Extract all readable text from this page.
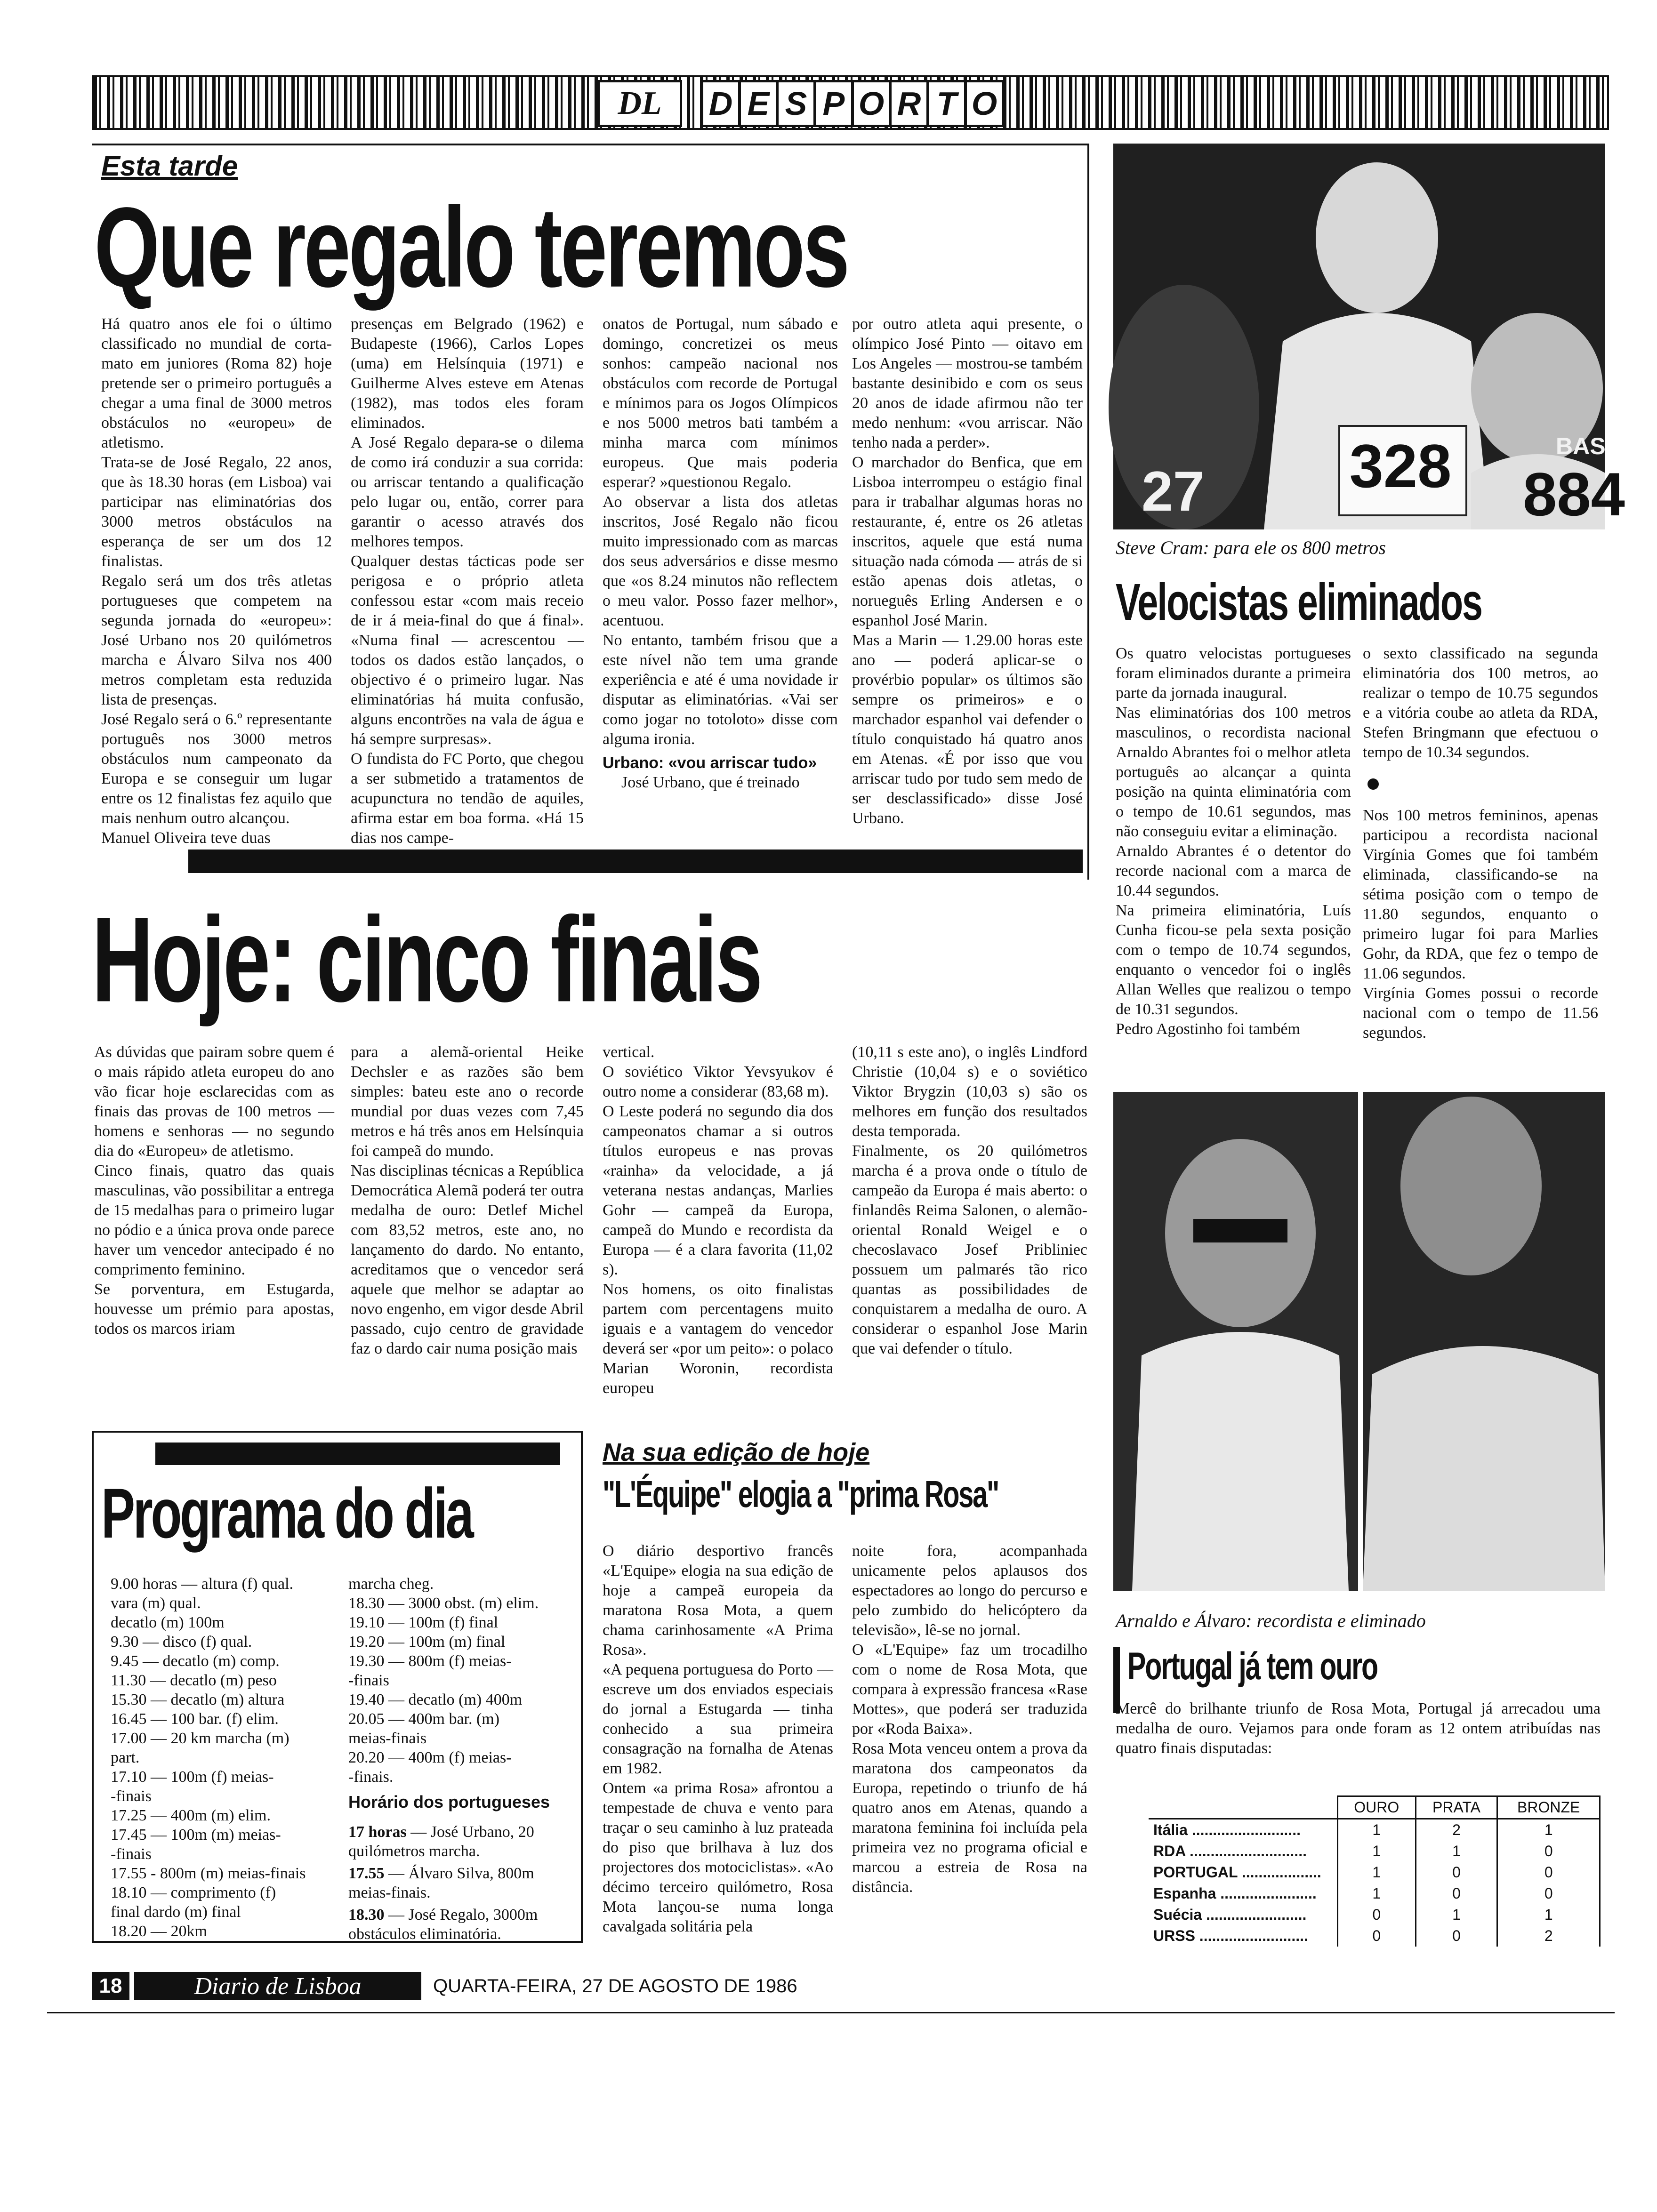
DL	D E S P O R T O
Esta tarde
Que regalo teremos
Há quatro anos ele foi o último classificado no mundial de corta-mato em juniores (Roma 82) hoje pretende ser o primeiro português a chegar a uma final de 3000 metros obstáculos no «europeu» de atletismo.
Trata-se de José Regalo, 22 anos, que às 18.30 horas (em Lisboa) vai participar nas eliminatórias dos 3000 metros obstáculos na esperança de ser um dos 12 finalistas.
Regalo será um dos três atletas portugueses que competem na segunda jornada do «europeu»: José Urbano nos 20 quilómetros marcha e Álvaro Silva nos 400 metros completam esta reduzida lista de presenças.
José Regalo será o 6.º representante português nos 3000 metros obstáculos num campeonato da Europa e se conseguir um lugar entre os 12 finalistas fez aquilo que mais nenhum outro alcançou.
Manuel Oliveira teve duas
presenças em Belgrado (1962) e Budapeste (1966), Carlos Lopes (uma) em Helsínquia (1971) e Guilherme Alves esteve em Atenas (1982), mas todos eles foram eliminados.
A José Regalo depara-se o dilema de como irá conduzir a sua corrida: ou arriscar tentando a qualificação pelo lugar ou, então, correr para garantir o acesso através dos melhores tempos.
Qualquer destas tácticas pode ser perigosa e o próprio atleta confessou estar «com mais receio de ir á meia-final do que á final». «Numa final — acrescentou — todos os dados estão lançados, o objectivo é o primeiro lugar. Nas eliminatórias há muita confusão, alguns encontrões na vala de água e há sempre surpresas».
O fundista do FC Porto, que chegou a ser submetido a tratamentos de acupunctura no tendão de aquiles, afirma estar em boa forma. «Há 15 dias nos campe-
onatos de Portugal, num sábado e domingo, concretizei os meus sonhos: campeão nacional nos obstáculos com recorde de Portugal e mínimos para os Jogos Olímpicos e nos 5000 metros bati também a minha marca com mínimos europeus. Que mais poderia esperar? »questionou Regalo.
Ao observar a lista dos atletas inscritos, José Regalo não ficou muito impressionado com as marcas dos seus adversários e disse mesmo que «os 8.24 minutos não reflectem o meu valor. Posso fazer melhor», acentuou.
No entanto, também frisou que a este nível não tem uma grande experiência e até é uma novidade ir disputar as eliminatórias. «Vai ser como jogar no totoloto» disse com alguma ironia.
Urbano: «vou arriscar tudo»
José Urbano, que é treinado
por outro atleta aqui presente, o olímpico José Pinto — oitavo em Los Angeles — mostrou-se também bastante desinibido e com os seus 20 anos de idade afirmou não ter medo nenhum: «vou arriscar. Não tenho nada a perder».
O marchador do Benfica, que em Lisboa interrompeu o estágio final para ir trabalhar algumas horas no restaurante, é, entre os 26 atletas inscritos, aquele que está numa situação nada cómoda — atrás de si estão apenas dois atletas, o norueguês Erling Andersen e o espanhol José Marin.
Mas a Marin — 1.29.00 horas este ano — poderá aplicar-se o provérbio popular» os últimos são sempre os primeiros» e o marchador espanhol vai defender o título conquistado há quatro anos em Atenas. «É por isso que vou arriscar tudo por tudo sem medo de ser desclassificado» disse José Urbano.
328
27	884
BAS
Steve Cram: para ele os 800 metros
Velocistas eliminados
Os quatro velocistas portugueses foram eliminados durante a primeira parte da jornada inaugural.
Nas eliminatórias dos 100 metros masculinos, o recordista nacional Arnaldo Abrantes foi o melhor atleta português ao alcançar a quinta posição na quinta eliminatória com o tempo de 10.61 segundos, mas não conseguiu evitar a eliminação.
Arnaldo Abrantes é o detentor do recorde nacional com a marca de 10.44 segundos.
Na primeira eliminatória, Luís Cunha ficou-se pela sexta posição com o tempo de 10.74 segundos, enquanto o vencedor foi o inglês Allan Welles que realizou o tempo de 10.31 segundos.
Pedro Agostinho foi também
o sexto classificado na segunda eliminatória dos 100 metros, ao realizar o tempo de 10.75 segundos e a vitória coube ao atleta da RDA, Stefen Bringmann que efectuou o tempo de 10.34 segundos.
Nos 100 metros femininos, apenas participou a recordista nacional Virgínia Gomes que foi também eliminada, classificando-se na sétima posição com o tempo de 11.80 segundos, enquanto o primeiro lugar foi para Marlies Gohr, da RDA, que fez o tempo de 11.06 segundos.
Virgínia Gomes possui o recorde nacional com o tempo de 11.56 segundos.
Hoje: cinco finais
As dúvidas que pairam sobre quem é o mais rápido atleta europeu do ano vão ficar hoje esclarecidas com as finais das provas de 100 metros — homens e senhoras — no segundo dia do «Europeu» de atletismo.
Cinco finais, quatro das quais masculinas, vão possibilitar a entrega de 15 medalhas para o primeiro lugar no pódio e a única prova onde parece haver um vencedor antecipado é no comprimento feminino.
Se porventura, em Estugarda, houvesse um prémio para apostas, todos os marcos iriam
para a alemã-oriental Heike Dechsler e as razões são bem simples: bateu este ano o recorde mundial por duas vezes com 7,45 metros e há três anos em Helsínquia foi campeã do mundo.
Nas disciplinas técnicas a República Democrática Alemã poderá ter outra medalha de ouro: Detlef Michel com 83,52 metros, este ano, no lançamento do dardo. No entanto, acreditamos que o vencedor será aquele que melhor se adaptar ao novo engenho, em vigor desde Abril passado, cujo centro de gravidade faz o dardo cair numa posição mais
vertical.
O soviético Viktor Yevsyukov é outro nome a considerar (83,68 m).
O Leste poderá no segundo dia dos campeonatos chamar a si outros títulos europeus e nas provas «rainha» da velocidade, a já veterana nestas andanças, Marlies Gohr — campeã da Europa, campeã do Mundo e recordista da Europa — é a clara favorita (11,02 s).
Nos homens, os oito finalistas partem com percentagens muito iguais e a vantagem do vencedor deverá ser «por um peito»: o polaco Marian Woronin, recordista europeu
(10,11 s este ano), o inglês Lindford Christie (10,04 s) e o soviético Viktor Brygzin (10,03 s) são os melhores em função dos resultados desta temporada.
Finalmente, os 20 quilómetros marcha é a prova onde o título de campeão da Europa é mais aberto: o finlandês Reima Salonen, o alemão-oriental Ronald Weigel e o checoslavaco Josef Pribliniec possuem um palmarés tão rico quantas as possibilidades de conquistarem a medalha de ouro. A considerar o espanhol Jose Marin que vai defender o título.
Programa do dia
9.00 horas — altura (f) qual.
vara (m) qual.
decatlo (m) 100m
9.30 — disco (f) qual.
9.45 — decatlo (m) comp.
11.30 — decatlo (m) peso
15.30 — decatlo (m) altura
16.45 — 100 bar. (f) elim.
17.00 — 20 km marcha (m)
part.
17.10 — 100m (f) meias-
-finais
17.25 — 400m (m) elim.
17.45 — 100m (m) meias-
-finais
17.55 - 800m (m) meias-finais
18.10 — comprimento (f)
final dardo (m) final
18.20 — 20km
marcha cheg.
18.30 — 3000 obst. (m) elim.
19.10 — 100m (f) final
19.20 — 100m (m) final
19.30 — 800m (f) meias-
-finais
19.40 — decatlo (m) 400m
20.05 — 400m bar. (m)
meias-finais
20.20 — 400m (f) meias-
-finais.
Horário dos portugueses
17 horas — José Urbano, 20 quilómetros marcha.
17.55 — Álvaro Silva, 800m meias-finais.
18.30 — José Regalo, 3000m obstáculos eliminatória.
Na sua edição de hoje
"L'Équipe" elogia a "prima Rosa"
O diário desportivo francês «L'Equipe» elogia na sua edição de hoje a campeã europeia da maratona Rosa Mota, a quem chama carinhosamente «A Prima Rosa».
«A pequena portuguesa do Porto — escreve um dos enviados especiais do jornal a Estugarda — tinha conhecido a sua primeira consagração na fornalha de Atenas em 1982.
Ontem «a prima Rosa» afrontou a tempestade de chuva e vento para traçar o seu caminho à luz prateada do piso que brilhava à luz dos projectores dos motociclistas». «Ao décimo terceiro quilómetro, Rosa Mota lançou-se numa longa cavalgada solitária pela
noite fora, acompanhada unicamente pelos aplausos dos espectadores ao longo do percurso e pelo zumbido do helicóptero da televisão», lê-se no jornal.
O «L'Equipe» faz um trocadilho com o nome de Rosa Mota, que compara à expressão francesa «Rase Mottes», que poderá ser traduzida por «Roda Baixa».
Rosa Mota venceu ontem a prova da maratona dos campeonatos da Europa, repetindo o triunfo de há quatro anos em Atenas, quando a maratona feminina foi incluída pela primeira vez no programa oficial e marcou a estreia de Rosa na distância.
Arnaldo e Álvaro: recordista e eliminado
Portugal já tem ouro
Mercê do brilhante triunfo de Rosa Mota, Portugal já arrecadou uma medalha de ouro. Vejamos para onde foram as 12 ontem atribuídas nas quatro finais disputadas:
	OURO	PRATA	BRONZE
Itália ..........................	1	2	1
RDA ............................	1	1	0
PORTUGAL ...................	1	0	0
Espanha .......................	1	0	0
Suécia ........................	0	1	1
URSS ..........................	0	0	2
18	Diario de Lisboa	QUARTA-FEIRA, 27 DE AGOSTO DE 1986
